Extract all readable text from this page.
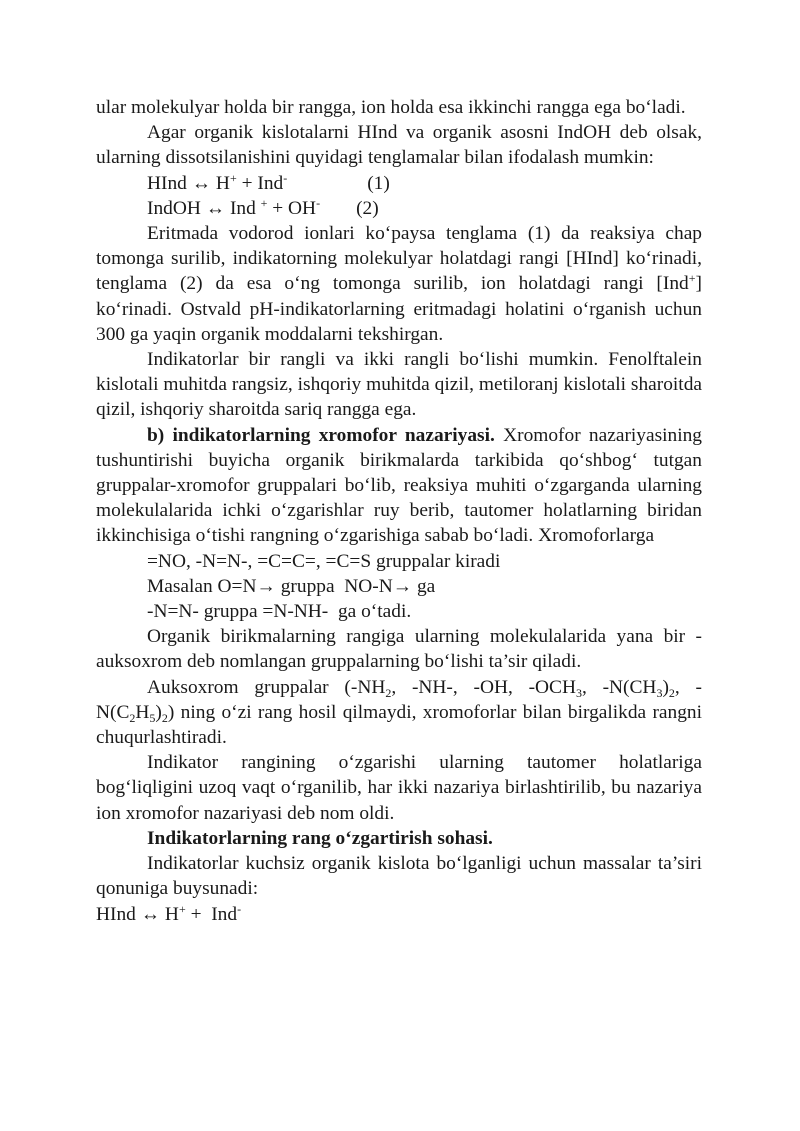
ular molekulyar holda bir rangga, ion holda esa ikkinchi rangga ega bo‘ladi.

Agar organik kislotalarni HInd va organik asosni IndOH deb olsak, ularning dissotsilanishini quyidagi tenglamalar bilan ifodalash mumkin:

HInd ↔ H+ + Ind-	(1)

IndOH ↔ Ind + + OH- (2)

Eritmada vodorod ionlari ko‘paysa tenglama (1) da reaksiya chap tomonga surilib, indikatorning molekulyar holatdagi rangi [HInd] ko‘rinadi, tenglama (2) da esa o‘ng tomonga surilib, ion holatdagi rangi [Ind+] ko‘rinadi. Ostvald pH-indikatorlarning eritmadagi holatini o‘rganish uchun 300 ga yaqin organik moddalarni tekshirgan.

Indikatorlar bir rangli va ikki rangli bo‘lishi mumkin. Fenolftalein kislotali muhitda rangsiz, ishqoriy muhitda qizil, metiloranj kislotali sharoitda qizil, ishqoriy sharoitda sariq rangga ega.

b) indikatorlarning xromofor nazariyasi. Xromofor nazariyasining tushuntirishi buyicha organik birikmalarda tarkibida qo‘shbog‘ tutgan gruppalar-xromofor gruppalari bo‘lib, reaksiya muhiti o‘zgarganda ularning molekulalarida ichki o‘zgarishlar ruy berib, tautomer holatlarning biridan ikkinchisiga o‘tishi rangning o‘zgarishiga sabab bo‘ladi. Xromoforlarga

=NO, -N=N-, =C=C=, =C=S gruppalar kiradi

Masalan O=N→ gruppa  NO-N→ ga

-N=N- gruppa =N-NH-  ga o‘tadi.

Organik birikmalarning rangiga ularning molekulalarida yana bir - auksoxrom deb nomlangan gruppalarning bo‘lishi ta’sir qiladi.

Auksoxrom gruppalar ($-NH_2$, -NH-, -OH, $-OCH_3$, $-N(CH_3)_2$, $-N(C_2H_5)_2$) ning o‘zi rang hosil qilmaydi, xromoforlar bilan birgalikda rangni chuqurlashtiradi.

Indikator rangining o‘zgarishi ularning tautomer holatlariga bog‘liqligini uzoq vaqt o‘rganilib, har ikki nazariya birlashtirilib, bu nazariya ion xromofor nazariyasi deb nom oldi.

Indikatorlarning rang o‘zgartirish sohasi.

Indikatorlar kuchsiz organik kislota bo‘lganligi uchun massalar ta’siri qonuniga buysunadi:

HInd ↔ H+ +  Ind-
